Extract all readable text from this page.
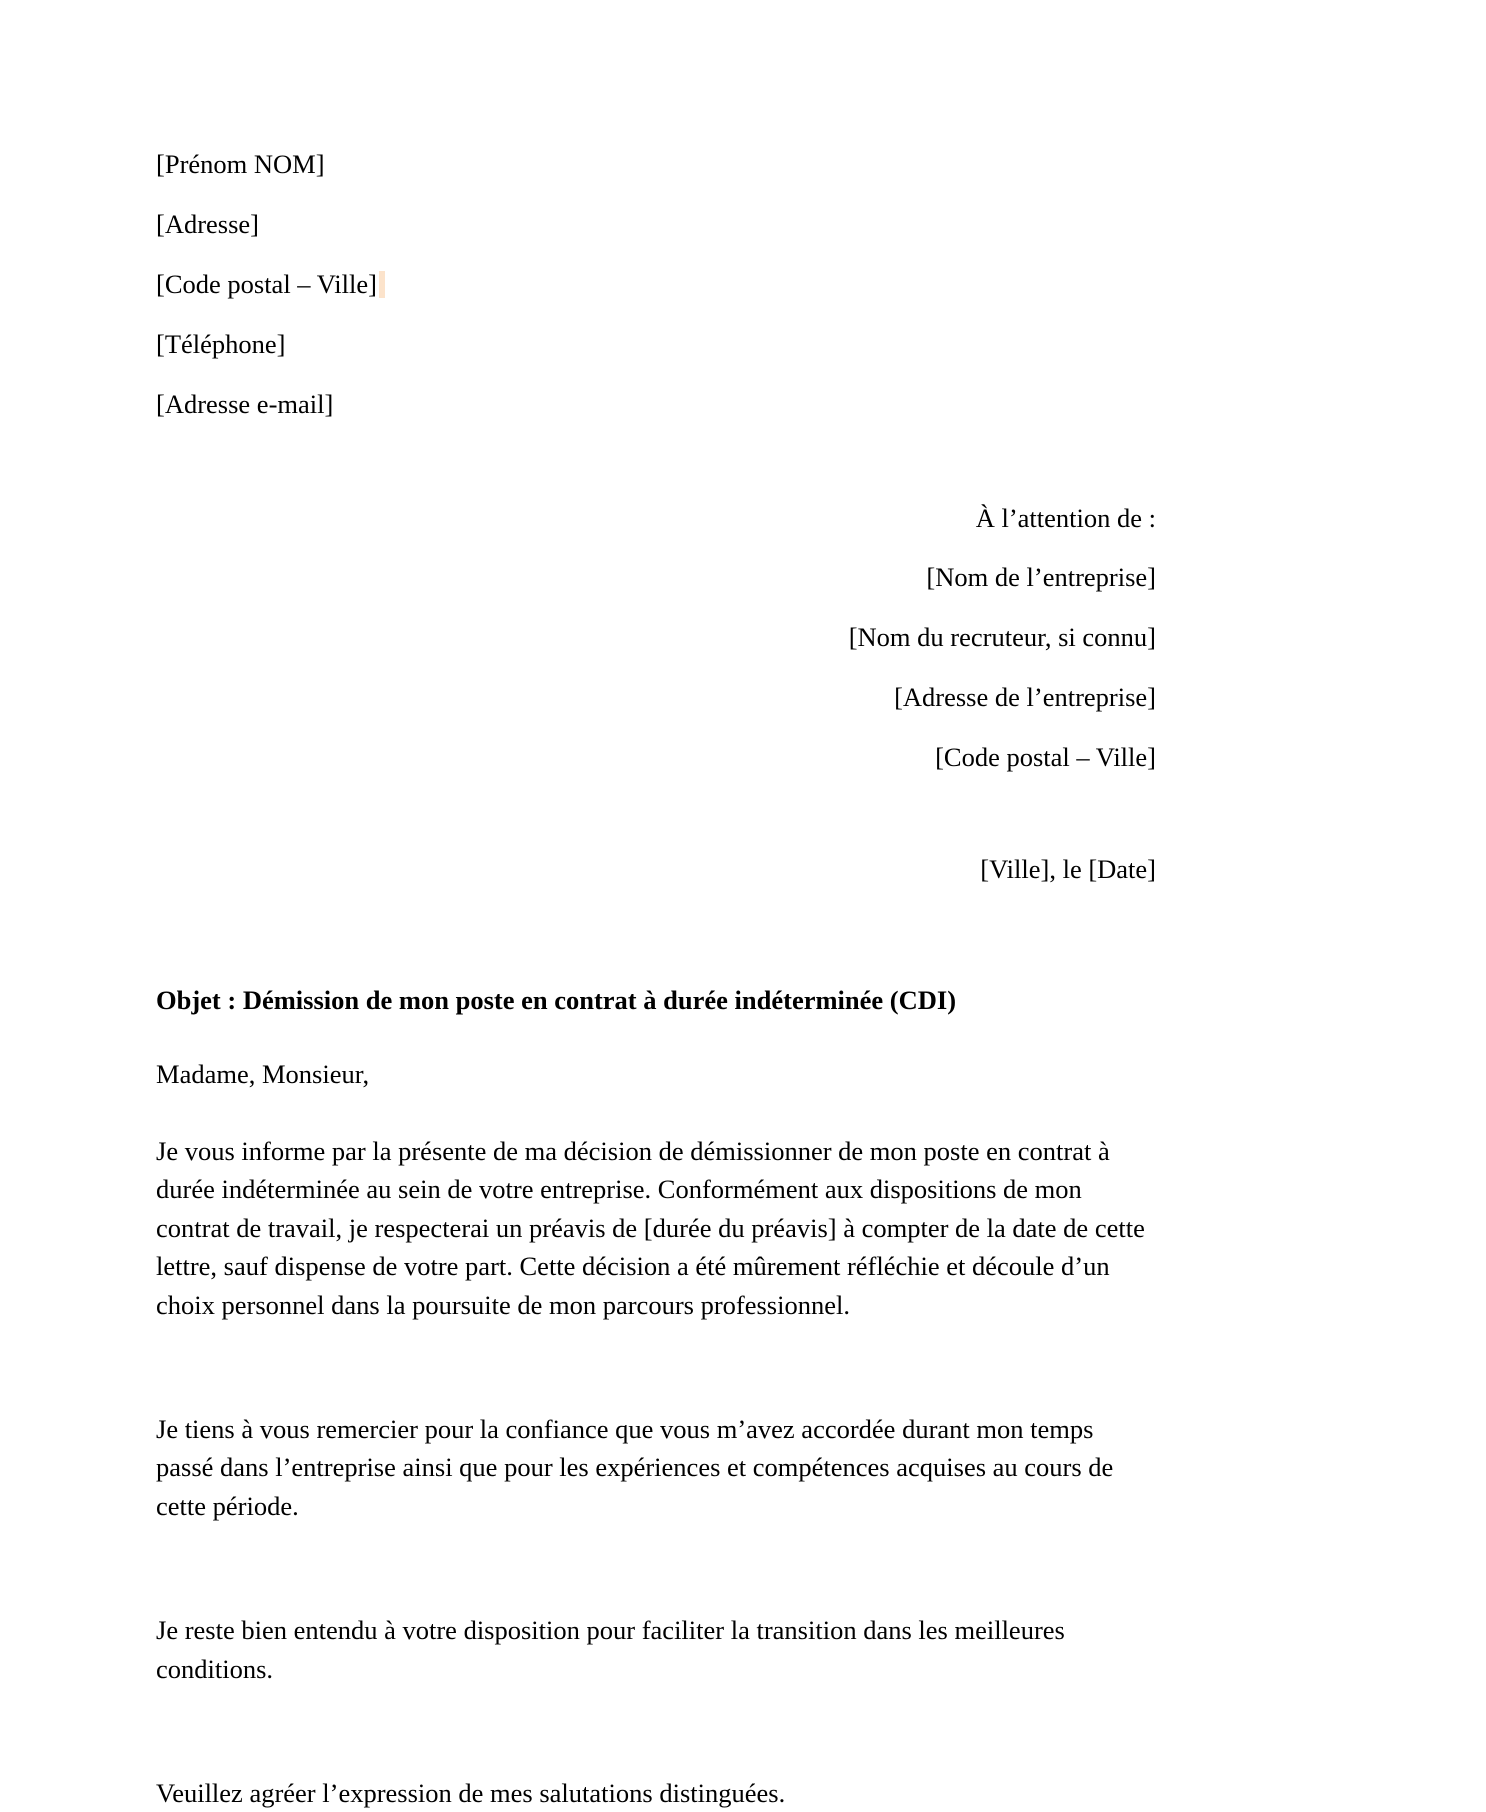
[Prénom NOM]

[Adresse]

[Code postal – Ville]

[Téléphone]

[Adresse e-mail]

À l’attention de :

[Nom de l’entreprise]

[Nom du recruteur, si connu]

[Adresse de l’entreprise]

[Code postal – Ville]

[Ville], le [Date]

Objet : Démission de mon poste en contrat à durée indéterminée (CDI)

Madame, Monsieur,

Je vous informe par la présente de ma décision de démissionner de mon poste en contrat à durée indéterminée au sein de votre entreprise. Conformément aux dispositions de mon contrat de travail, je respecterai un préavis de [durée du préavis] à compter de la date de cette lettre, sauf dispense de votre part. Cette décision a été mûrement réfléchie et découle d’un choix personnel dans la poursuite de mon parcours professionnel.

Je tiens à vous remercier pour la confiance que vous m’avez accordée durant mon temps passé dans l’entreprise ainsi que pour les expériences et compétences acquises au cours de cette période.

Je reste bien entendu à votre disposition pour faciliter la transition dans les meilleures conditions.

Veuillez agréer l’expression de mes salutations distinguées.
